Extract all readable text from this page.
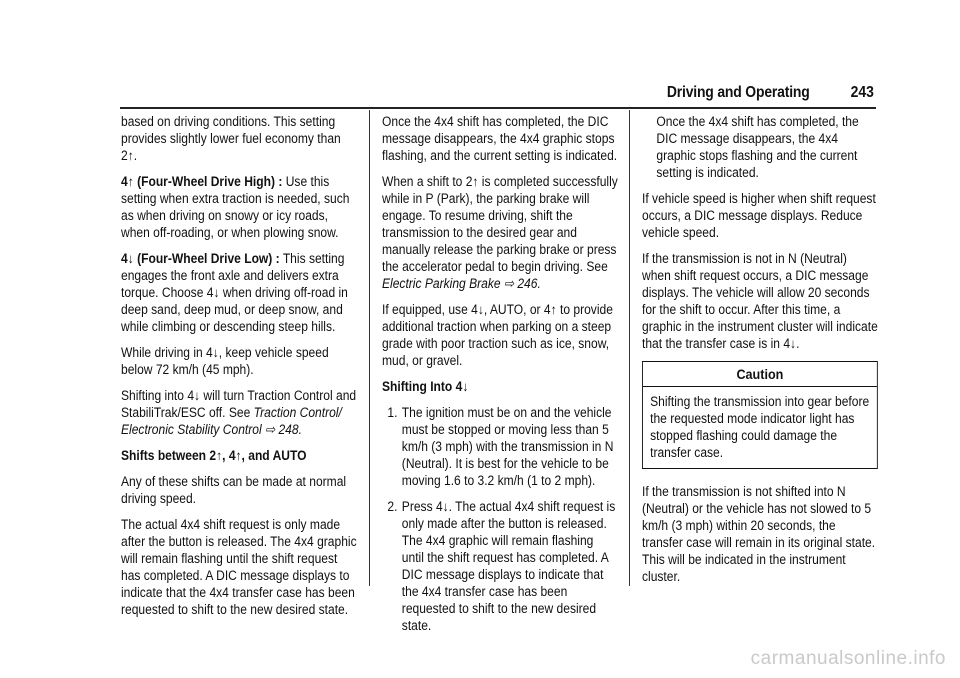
Driving and Operating	243

based on driving conditions. This setting provides slightly lower fuel economy than 2↑.

4↑ (Four-Wheel Drive High) : Use this setting when extra traction is needed, such as when driving on snowy or icy roads, when off-roading, or when plowing snow.

4↓ (Four-Wheel Drive Low) : This setting engages the front axle and delivers extra torque. Choose 4↓ when driving off-road in deep sand, deep mud, or deep snow, and while climbing or descending steep hills.

While driving in 4↓, keep vehicle speed below 72 km/h (45 mph).

Shifting into 4↓ will turn Traction Control and StabiliTrak/ESC off. See Traction Control/ Electronic Stability Control ⇨ 248.

Shifts between 2↑, 4↑, and AUTO

Any of these shifts can be made at normal driving speed.

The actual 4x4 shift request is only made after the button is released. The 4x4 graphic will remain flashing until the shift request has completed. A DIC message displays to indicate that the 4x4 transfer case has been requested to shift to the new desired state.

Once the 4x4 shift has completed, the DIC message disappears, the 4x4 graphic stops flashing, and the current setting is indicated.

When a shift to 2↑ is completed successfully while in P (Park), the parking brake will engage. To resume driving, shift the transmission to the desired gear and manually release the parking brake or press the accelerator pedal to begin driving. See Electric Parking Brake ⇨ 246.

If equipped, use 4↓, AUTO, or 4↑ to provide additional traction when parking on a steep grade with poor traction such as ice, snow, mud, or gravel.

Shifting Into 4↓

1. The ignition must be on and the vehicle must be stopped or moving less than 5 km/h (3 mph) with the transmission in N (Neutral). It is best for the vehicle to be moving 1.6 to 3.2 km/h (1 to 2 mph).
2. Press 4↓. The actual 4x4 shift request is only made after the button is released. The 4x4 graphic will remain flashing until the shift request has completed. A DIC message displays to indicate that the 4x4 transfer case has been requested to shift to the new desired state.

Once the 4x4 shift has completed, the DIC message disappears, the 4x4 graphic stops flashing and the current setting is indicated.

If vehicle speed is higher when shift request occurs, a DIC message displays. Reduce vehicle speed.

If the transmission is not in N (Neutral) when shift request occurs, a DIC message displays. The vehicle will allow 20 seconds for the shift to occur. After this time, a graphic in the instrument cluster will indicate that the transfer case is in 4↓.

Caution
Shifting the transmission into gear before the requested mode indicator light has stopped flashing could damage the transfer case.

If the transmission is not shifted into N (Neutral) or the vehicle has not slowed to 5 km/h (3 mph) within 20 seconds, the transfer case will remain in its original state. This will be indicated in the instrument cluster.

carmanualsonline.info
